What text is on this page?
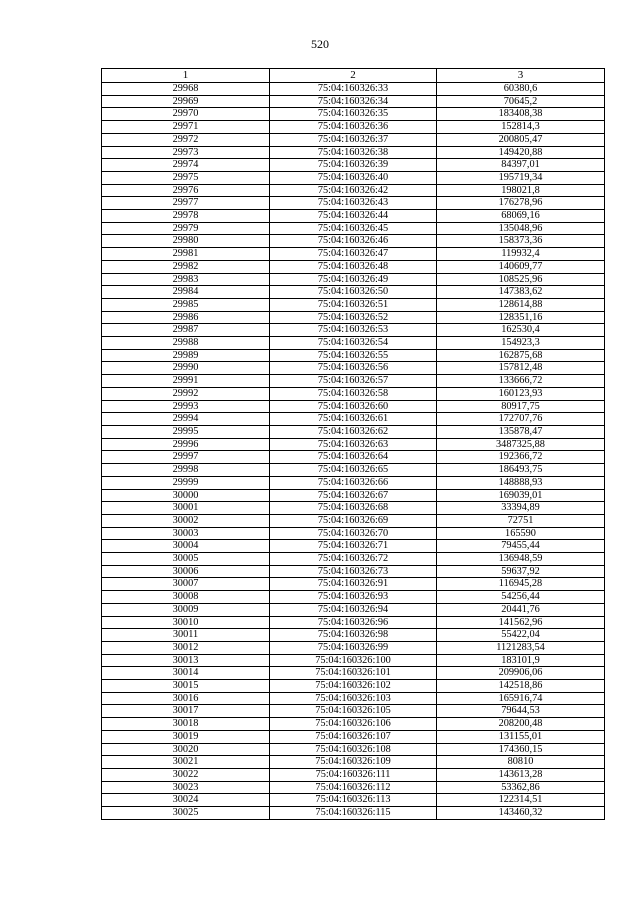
520
1	2	3
29968	75:04:160326:33	60380,6
29969	75:04:160326:34	70645,2
29970	75:04:160326:35	183408,38
29971	75:04:160326:36	152814,3
29972	75:04:160326:37	200805,47
29973	75:04:160326:38	149420,88
29974	75:04:160326:39	84397,01
29975	75:04:160326:40	195719,34
29976	75:04:160326:42	198021,8
29977	75:04:160326:43	176278,96
29978	75:04:160326:44	68069,16
29979	75:04:160326:45	135048,96
29980	75:04:160326:46	158373,36
29981	75:04:160326:47	119932,4
29982	75:04:160326:48	140609,77
29983	75:04:160326:49	108525,96
29984	75:04:160326:50	147383,62
29985	75:04:160326:51	128614,88
29986	75:04:160326:52	128351,16
29987	75:04:160326:53	162530,4
29988	75:04:160326:54	154923,3
29989	75:04:160326:55	162875,68
29990	75:04:160326:56	157812,48
29991	75:04:160326:57	133666,72
29992	75:04:160326:58	160123,93
29993	75:04:160326:60	80917,75
29994	75:04:160326:61	172707,76
29995	75:04:160326:62	135878,47
29996	75:04:160326:63	3487325,88
29997	75:04:160326:64	192366,72
29998	75:04:160326:65	186493,75
29999	75:04:160326:66	148888,93
30000	75:04:160326:67	169039,01
30001	75:04:160326:68	33394,89
30002	75:04:160326:69	72751
30003	75:04:160326:70	165590
30004	75:04:160326:71	79455,44
30005	75:04:160326:72	136948,59
30006	75:04:160326:73	59637,92
30007	75:04:160326:91	116945,28
30008	75:04:160326:93	54256,44
30009	75:04:160326:94	20441,76
30010	75:04:160326:96	141562,96
30011	75:04:160326:98	55422,04
30012	75:04:160326:99	1121283,54
30013	75:04:160326:100	183101,9
30014	75:04:160326:101	209906,06
30015	75:04:160326:102	142518,86
30016	75:04:160326:103	165916,74
30017	75:04:160326:105	79644,53
30018	75:04:160326:106	208200,48
30019	75:04:160326:107	131155,01
30020	75:04:160326:108	174360,15
30021	75:04:160326:109	80810
30022	75:04:160326:111	143613,28
30023	75:04:160326:112	53362,86
30024	75:04:160326:113	122314,51
30025	75:04:160326:115	143460,32
